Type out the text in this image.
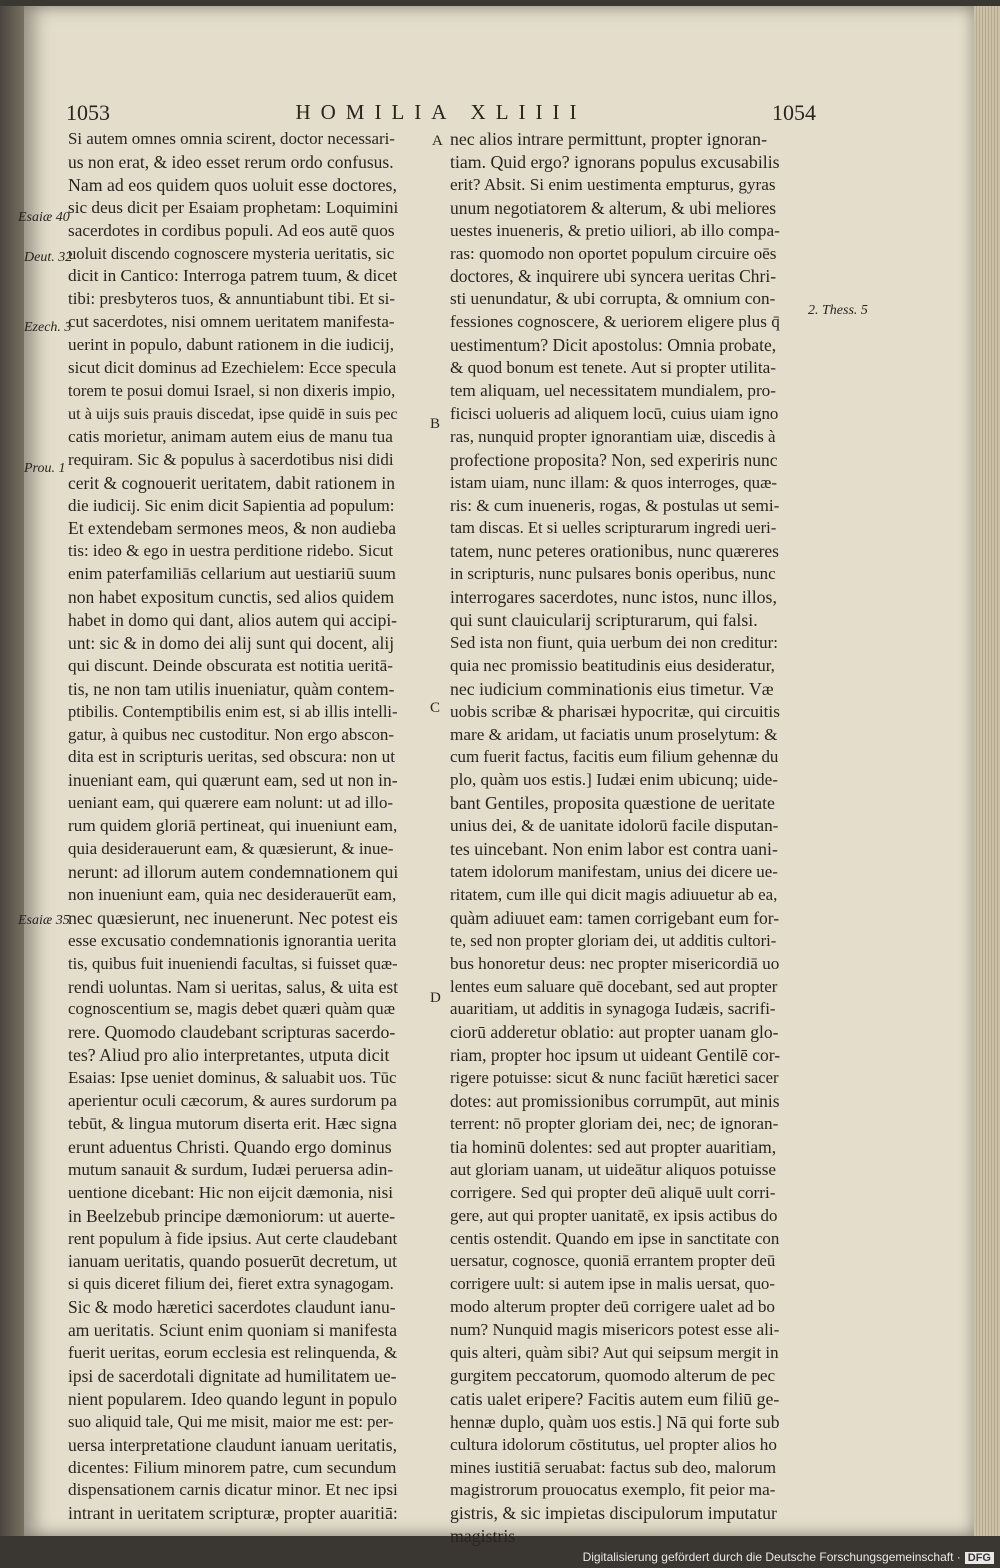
1053	HOMILIA XLIIII	1054
Si autem omnes omnia scirent, doctor necessari-
us non erat, & ideo esset rerum ordo confusus.
Nam ad eos quidem quos uoluit esse doctores,
sic deus dicit per Esaiam prophetam: Loquimini
sacerdotes in cordibus populi. Ad eos autē quos
uoluit discendo cognoscere mysteria ueritatis, sic
dicit in Cantico: Interroga patrem tuum, & dicet
tibi: presbyteros tuos, & annuntiabunt tibi. Et si-
cut sacerdotes, nisi omnem ueritatem manifesta-
uerint in populo, dabunt rationem in die iudicij,
sicut dicit dominus ad Ezechielem: Ecce specula
torem te posui domui Israel, si non dixeris impio,
ut à uijs suis prauis discedat, ipse quidē in suis pec
catis morietur, animam autem eius de manu tua
requiram. Sic & populus à sacerdotibus nisi didi
cerit & cognouerit ueritatem, dabit rationem in
die iudicij. Sic enim dicit Sapientia ad populum:
Et extendebam sermones meos, & non audieba
tis: ideo & ego in uestra perditione ridebo. Sicut
enim paterfamiliās cellarium aut uestiariū suum
non habet expositum cunctis, sed alios quidem
habet in domo qui dant, alios autem qui accipi-
unt: sic & in domo dei alij sunt qui docent, alij
qui discunt. Deinde obscurata est notitia ueritā-
tis, ne non tam utilis inueniatur, quàm contem-
ptibilis. Contemptibilis enim est, si ab illis intelli-
gatur, à quibus nec custoditur. Non ergo abscon-
dita est in scripturis ueritas, sed obscura: non ut
inueniant eam, qui quærunt eam, sed ut non in-
ueniant eam, qui quærere eam nolunt: ut ad illo-
rum quidem gloriā pertineat, qui inueniunt eam,
quia desiderauerunt eam, & quæsierunt, & inue-
nerunt: ad illorum autem condemnationem qui
non inueniunt eam, quia nec desiderauerūt eam,
nec quæsierunt, nec inuenerunt. Nec potest eis
esse excusatio condemnationis ignorantia uerita
tis, quibus fuit inueniendi facultas, si fuisset quæ-
rendi uoluntas. Nam si ueritas, salus, & uita est
cognoscentium se, magis debet quæri quàm quæ
rere. Quomodo claudebant scripturas sacerdo-
tes? Aliud pro alio interpretantes, utputa dicit
Esaias: Ipse ueniet dominus, & saluabit uos. Tūc
aperientur oculi cæcorum, & aures surdorum pa
tebūt, & lingua mutorum diserta erit. Hæc signa
erunt aduentus Christi. Quando ergo dominus
mutum sanauit & surdum, Iudæi peruersa adin-
uentione dicebant: Hic non eijcit dæmonia, nisi
in Beelzebub principe dæmoniorum: ut auerte-
rent populum à fide ipsius. Aut certe claudebant
ianuam ueritatis, quando posuerūt decretum, ut
si quis diceret filium dei, fieret extra synagogam.
Sic & modo hæretici sacerdotes claudunt ianu-
am ueritatis. Sciunt enim quoniam si manifesta
fuerit ueritas, eorum ecclesia est relinquenda, &
ipsi de sacerdotali dignitate ad humilitatem ue-
nient popularem. Ideo quando legunt in populo
suo aliquid tale, Qui me misit, maior me est: per-
uersa interpretatione claudunt ianuam ueritatis,
dicentes: Filium minorem patre, cum secundum
dispensationem carnis dicatur minor. Et nec ipsi
intrant in ueritatem scripturæ, propter auaritiā:
nec alios intrare permittunt, propter ignoran-
tiam. Quid ergo? ignorans populus excusabilis
erit? Absit. Si enim uestimenta empturus, gyras
unum negotiatorem & alterum, & ubi meliores
uestes inueneris, & pretio uiliori, ab illo compa-
ras: quomodo non oportet populum circuire oēs
doctores, & inquirere ubi syncera ueritas Chri-
sti uenundatur, & ubi corrupta, & omnium con-
fessiones cognoscere, & ueriorem eligere plus q̄
uestimentum? Dicit apostolus: Omnia probate,
& quod bonum est tenete. Aut si propter utilita-
tem aliquam, uel necessitatem mundialem, pro-
ficisci uolueris ad aliquem locū, cuius uiam igno
ras, nunquid propter ignorantiam uiæ, discedis à
profectione proposita? Non, sed experiris nunc
istam uiam, nunc illam: & quos interroges, quæ-
ris: & cum inueneris, rogas, & postulas ut semi-
tam discas. Et si uelles scripturarum ingredi ueri-
tatem, nunc peteres orationibus, nunc quæreres
in scripturis, nunc pulsares bonis operibus, nunc
interrogares sacerdotes, nunc istos, nunc illos,
qui sunt clauicularij scripturarum, qui falsi.
Sed ista non fiunt, quia uerbum dei non creditur:
quia nec promissio beatitudinis eius desideratur,
nec iudicium comminationis eius timetur. Væ
uobis scribæ & pharisæi hypocritæ, qui circuitis
mare & aridam, ut faciatis unum proselytum: &
cum fuerit factus, facitis eum filium gehennæ du
plo, quàm uos estis.] Iudæi enim ubicunq; uide-
bant Gentiles, proposita quæstione de ueritate
unius dei, & de uanitate idolorū facile disputan-
tes uincebant. Non enim labor est contra uani-
tatem idolorum manifestam, unius dei dicere ue-
ritatem, cum ille qui dicit magis adiuuetur ab ea,
quàm adiuuet eam: tamen corrigebant eum for-
te, sed non propter gloriam dei, ut additis cultori-
bus honoretur deus: nec propter misericordiā uo
lentes eum saluare quē docebant, sed aut propter
auaritiam, ut additis in synagoga Iudæis, sacrifi-
ciorū adderetur oblatio: aut propter uanam glo-
riam, propter hoc ipsum ut uideant Gentilē cor-
rigere potuisse: sicut & nunc faciūt hæretici sacer
dotes: aut promissionibus corrumpūt, aut minis
terrent: nō propter gloriam dei, nec; de ignoran-
tia hominū dolentes: sed aut propter auaritiam,
aut gloriam uanam, ut uideātur aliquos potuisse
corrigere. Sed qui propter deū aliquē uult corri-
gere, aut qui propter uanitatē, ex ipsis actibus do
centis ostendit. Quando em ipse in sanctitate con
uersatur, cognosce, quoniā errantem propter deū
corrigere uult: si autem ipse in malis uersat, quo-
modo alterum propter deū corrigere ualet ad bo
num? Nunquid magis misericors potest esse ali-
quis alteri, quàm sibi? Aut qui seipsum mergit in
gurgitem peccatorum, quomodo alterum de pec
catis ualet eripere? Facitis autem eum filiū ge-
hennæ duplo, quàm uos estis.] Nā qui forte sub
cultura idolorum cōstitutus, uel propter alios ho
mines iustitiā seruabat: factus sub deo, malorum
magistrorum prouocatus exemplo, fit peior ma-
gistris, & sic impietas discipulorum imputatur
magistris
Esaiæ 40
Deut. 32
Ezech. 3
Prou. 1
Esaiæ 35
2. Thess. 5
A
B
C
D
Digitalisierung gefördert durch die Deutsche Forschungsgemeinschaft · DFG
